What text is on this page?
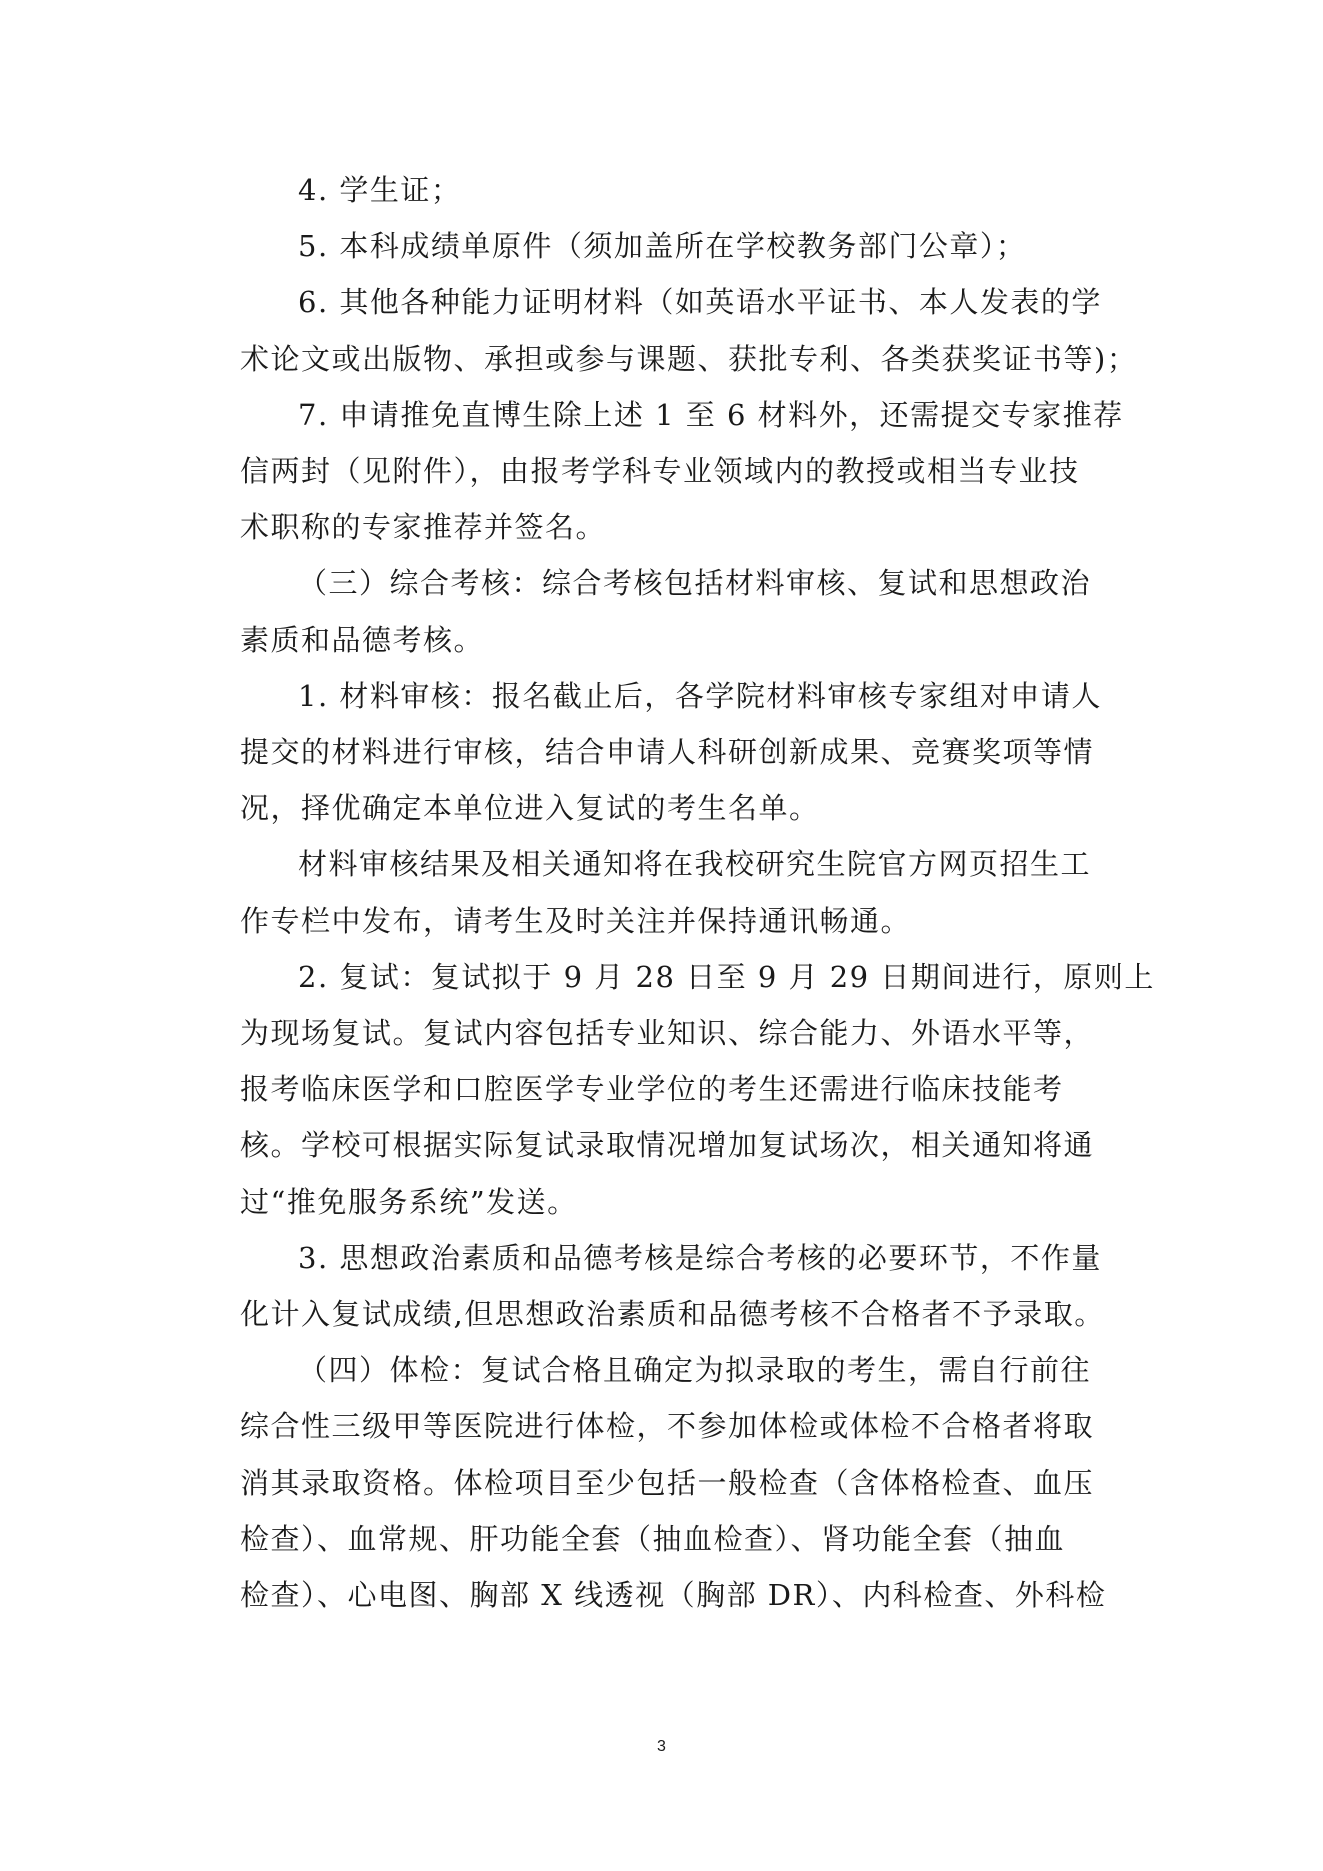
4. 学生证；
5. 本科成绩单原件（须加盖所在学校教务部门公章）；
6. 其他各种能力证明材料（如英语水平证书、本人发表的学
术论文或出版物、承担或参与课题、获批专利、各类获奖证书等)；
7. 申请推免直博生除上述 1 至 6 材料外，还需提交专家推荐
信两封（见附件），由报考学科专业领域内的教授或相当专业技
术职称的专家推荐并签名。
（三）综合考核：综合考核包括材料审核、复试和思想政治
素质和品德考核。
1. 材料审核：报名截止后，各学院材料审核专家组对申请人
提交的材料进行审核，结合申请人科研创新成果、竞赛奖项等情
况，择优确定本单位进入复试的考生名单。
材料审核结果及相关通知将在我校研究生院官方网页招生工
作专栏中发布，请考生及时关注并保持通讯畅通。
2. 复试：复试拟于 9 月 28 日至 9 月 29 日期间进行，原则上
为现场复试。复试内容包括专业知识、综合能力、外语水平等，
报考临床医学和口腔医学专业学位的考生还需进行临床技能考
核。学校可根据实际复试录取情况增加复试场次，相关通知将通
过“推免服务系统”发送。
3. 思想政治素质和品德考核是综合考核的必要环节，不作量
化计入复试成绩,但思想政治素质和品德考核不合格者不予录取。
（四）体检：复试合格且确定为拟录取的考生，需自行前往
综合性三级甲等医院进行体检，不参加体检或体检不合格者将取
消其录取资格。体检项目至少包括一般检查（含体格检查、血压
检查）、血常规、肝功能全套（抽血检查）、肾功能全套（抽血
检查）、心电图、胸部 X 线透视（胸部 DR）、内科检查、外科检
3
